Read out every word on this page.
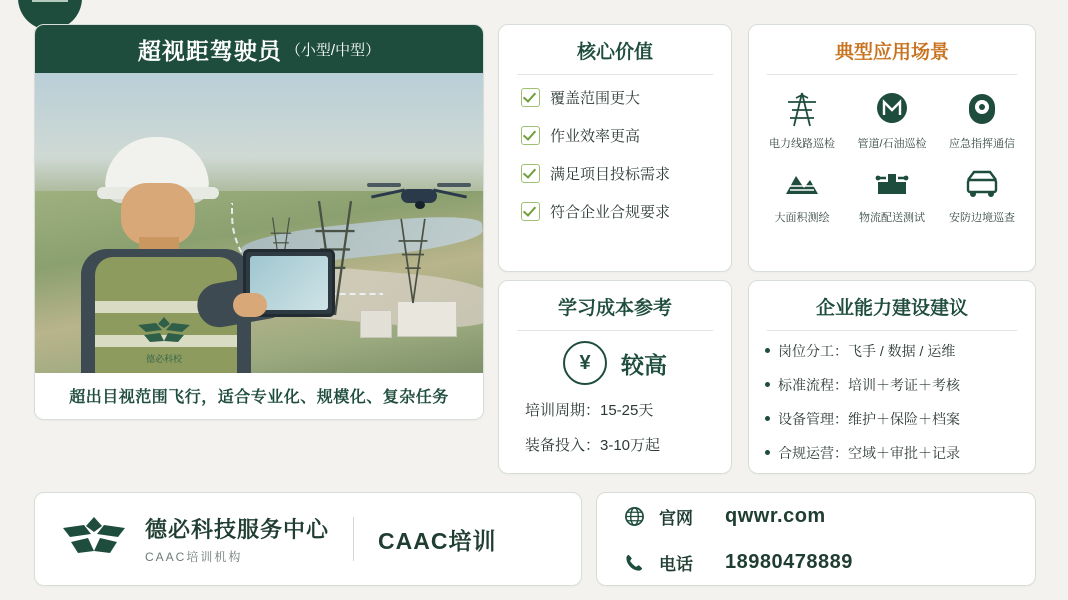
超视距驾驶员 （小型/中型）
德必科校
超出目视范围飞行，适合专业化、规模化、复杂任务
核心价值
覆盖范围更大
作业效率更高
满足项目投标需求
符合企业合规要求
典型应用场景
电力线路巡检	管道/石油巡检	应急指挥通信
大面积测绘	物流配送测试	安防边境巡查
学习成本参考
¥	较高
培训周期：15-25天
装备投入：3-10万起
企业能力建设建议
岗位分工：飞手 / 数据 / 运维
标准流程：培训＋考证＋考核
设备管理：维护＋保险＋档案
合规运营：空域＋审批＋记录
德必科技服务中心
CAAC培训机构
CAAC培训
官网	qwwr.com
电话	18980478889
